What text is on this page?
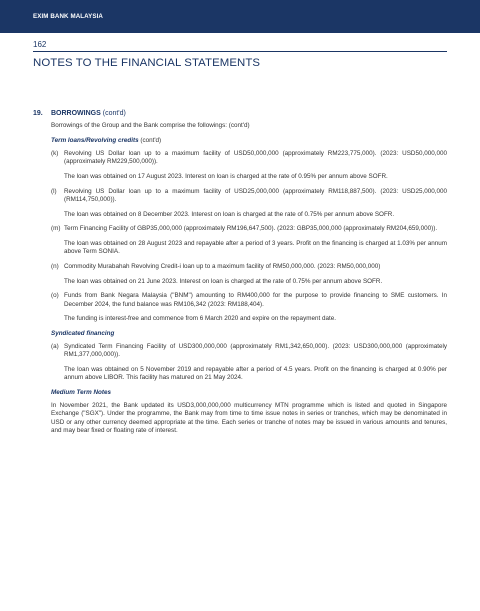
EXIM BANK MALAYSIA
162
NOTES TO THE FINANCIAL STATEMENTS
19.	BORROWINGS (cont'd)

Borrowings of the Group and the Bank comprise the followings: (cont'd)

Term loans/Revolving credits (cont'd)
(k) Revolving US Dollar loan up to a maximum facility of USD50,000,000 (approximately RM223,775,000). (2023: USD50,000,000 (approximately RM229,500,000)).
The loan was obtained on 17 August 2023. Interest on loan is charged at the rate of 0.95% per annum above SOFR.
(l)	Revolving US Dollar loan up to a maximum facility of USD25,000,000 (approximately RM118,887,500). (2023: USD25,000,000 (RM114,750,000)).
The loan was obtained on 8 December 2023. Interest on loan is charged at the rate of 0.75% per annum above SOFR.
(m) Term Financing Facility of GBP35,000,000 (approximately RM196,647,500). (2023: GBP35,000,000 (approximately RM204,659,000)).
The loan was obtained on 28 August 2023 and repayable after a period of 3 years. Profit on the financing is charged at 1.03% per annum above Term SONIA.
(n) Commodity Murabahah Revolving Credit-i loan up to a maximum facility of RM50,000,000. (2023: RM50,000,000)
The loan was obtained on 21 June 2023. Interest on loan is charged at the rate of 0.75% per annum above SOFR.
(o) Funds from Bank Negara Malaysia ("BNM") amounting to RM400,000 for the purpose to provide financing to SME customers. In December 2024, the fund balance was RM106,342 (2023: RM188,404).
The funding is interest-free and commence from 6 March 2020 and expire on the repayment date.
Syndicated financing
(a) Syndicated Term Financing Facility of USD300,000,000 (approximately RM1,342,650,000). (2023: USD300,000,000 (approximately RM1,377,000,000)).
The loan was obtained on 5 November 2019 and repayable after a period of 4.5 years. Profit on the financing is charged at 0.90% per annum above LIBOR. This facility has matured on 21 May 2024.
Medium Term Notes

In November 2021, the Bank updated its USD3,000,000,000 multicurrency MTN programme which is listed and quoted in Singapore Exchange ("SGX"). Under the programme, the Bank may from time to time issue notes in series or tranches, which may be denominated in USD or any other currency deemed appropriate at the time. Each series or tranche of notes may be issued in various amounts and tenures, and may bear fixed or floating rate of interest.
